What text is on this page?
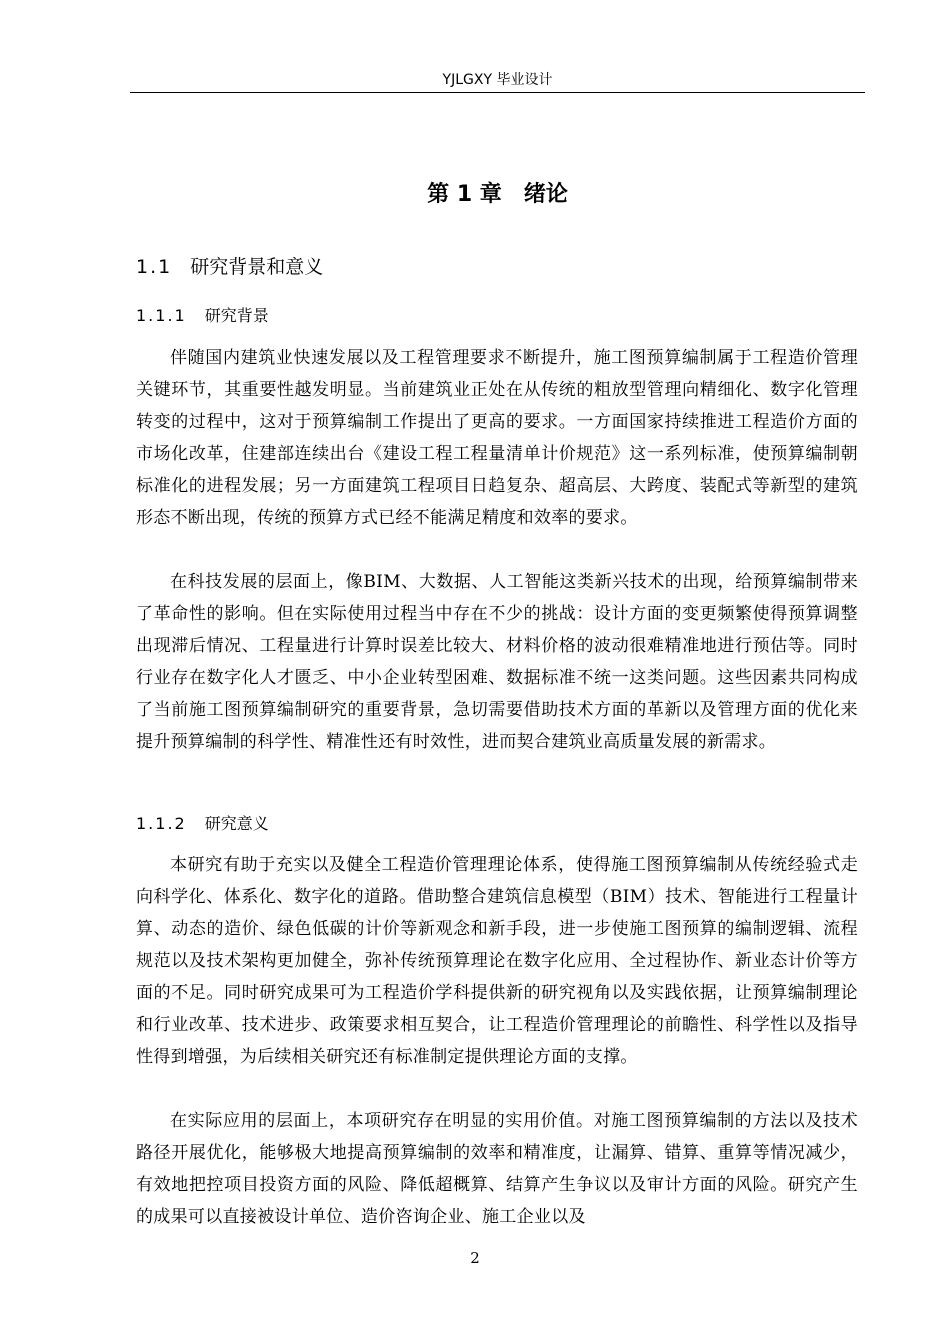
YJLGXY 毕业设计
第 1 章 绪论
1.1 研究背景和意义
1.1.1 研究背景

伴随国内建筑业快速发展以及工程管理要求不断提升，施工图预算编制属于工程造价管理关键环节，其重要性越发明显。当前建筑业正处在从传统的粗放型管理向精细化、数字化管理转变的过程中，这对于预算编制工作提出了更高的要求。一方面国家持续推进工程造价方面的市场化改革，住建部连续出台《建设工程工程量清单计价规范》这一系列标准，使预算编制朝标准化的进程发展；另一方面建筑工程项目日趋复杂、超高层、大跨度、装配式等新型的建筑形态不断出现，传统的预算方式已经不能满足精度和效率的要求。

在科技发展的层面上，像BIM、大数据、人工智能这类新兴技术的出现，给预算编制带来了革命性的影响。但在实际使用过程当中存在不少的挑战：设计方面的变更频繁使得预算调整出现滞后情况、工程量进行计算时误差比较大、材料价格的波动很难精准地进行预估等。同时行业存在数字化人才匮乏、中小企业转型困难、数据标准不统一这类问题。这些因素共同构成了当前施工图预算编制研究的重要背景，急切需要借助技术方面的革新以及管理方面的优化来提升预算编制的科学性、精准性还有时效性，进而契合建筑业高质量发展的新需求。

1.1.2 研究意义

本研究有助于充实以及健全工程造价管理理论体系，使得施工图预算编制从传统经验式走向科学化、体系化、数字化的道路。借助整合建筑信息模型（BIM）技术、智能进行工程量计算、动态的造价、绿色低碳的计价等新观念和新手段，进一步使施工图预算的编制逻辑、流程规范以及技术架构更加健全，弥补传统预算理论在数字化应用、全过程协作、新业态计价等方面的不足。同时研究成果可为工程造价学科提供新的研究视角以及实践依据，让预算编制理论和行业改革、技术进步、政策要求相互契合，让工程造价管理理论的前瞻性、科学性以及指导性得到增强，为后续相关研究还有标准制定提供理论方面的支撑。

在实际应用的层面上，本项研究存在明显的实用价值。对施工图预算编制的方法以及技术路径开展优化，能够极大地提高预算编制的效率和精准度，让漏算、错算、重算等情况减少，有效地把控项目投资方面的风险、降低超概算、结算产生争议以及审计方面的风险。研究产生的成果可以直接被设计单位、造价咨询企业、施工企业以及

2
